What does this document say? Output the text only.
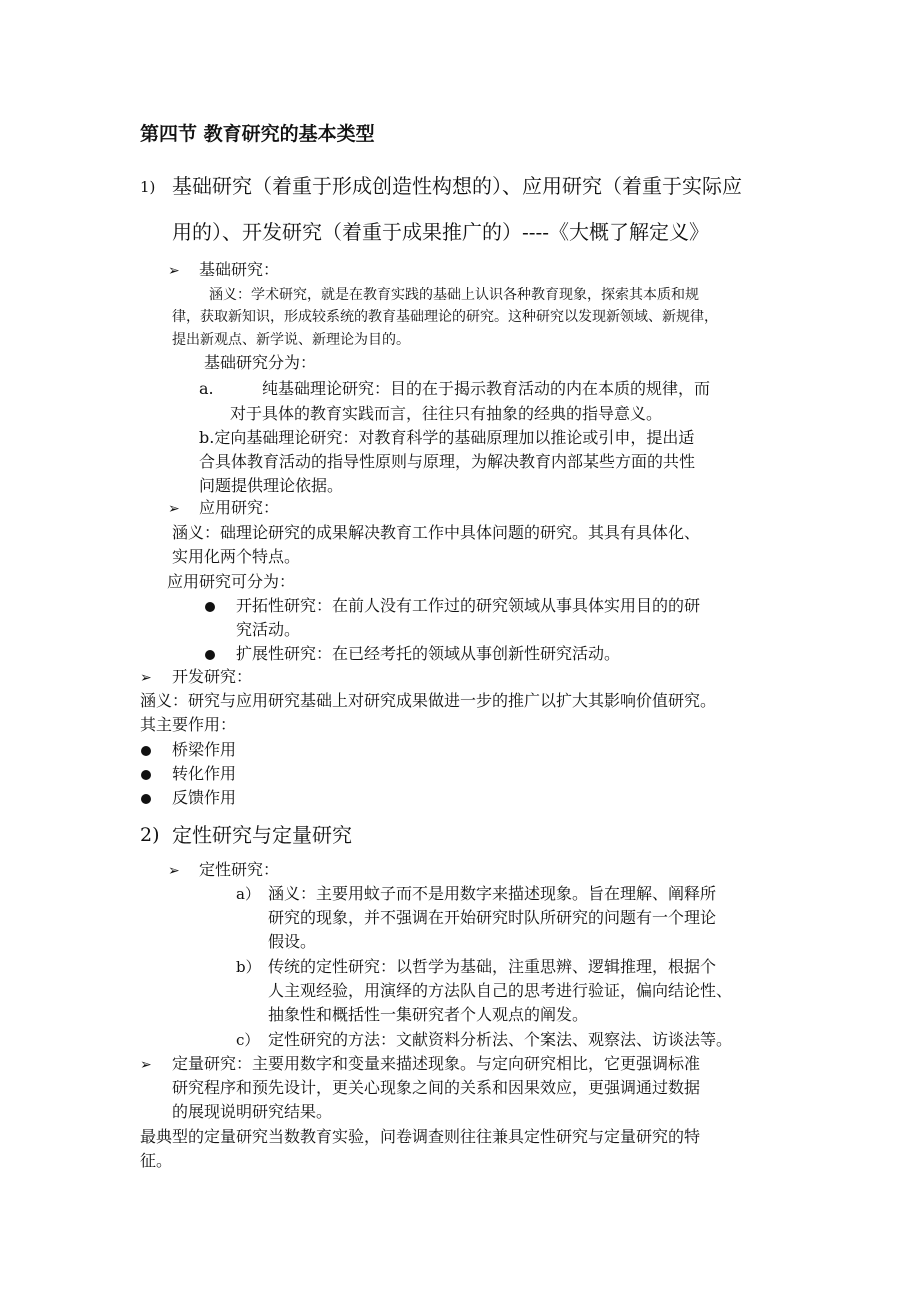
第四节 教育研究的基本类型
1) 基础研究（着重于形成创造性构想的）、应用研究（着重于实际应
用的）、开发研究（着重于成果推广的）----《大概了解定义》
➢ 基础研究：
涵义：学术研究，就是在教育实践的基础上认识各种教育现象，探索其本质和规
律，获取新知识，形成较系统的教育基础理论的研究。这种研究以发现新领域、新规律，
提出新观点、新学说、新理论为目的。
基础研究分为：
a.	纯基础理论研究：目的在于揭示教育活动的内在本质的规律，而
对于具体的教育实践而言，往往只有抽象的经典的指导意义。
b.定向基础理论研究：对教育科学的基础原理加以推论或引申，提出适
合具体教育活动的指导性原则与原理，为解决教育内部某些方面的共性
问题提供理论依据。
➢ 应用研究：
涵义：础理论研究的成果解决教育工作中具体问题的研究。其具有具体化、
实用化两个特点。
应用研究可分为：
开拓性研究：在前人没有工作过的研究领域从事具体实用目的的研
究活动。
扩展性研究：在已经考托的领域从事创新性研究活动。
➢ 开发研究：
涵义：研究与应用研究基础上对研究成果做进一步的推广以扩大其影响价值研究。
其主要作用：
桥梁作用
转化作用
反馈作用
2) 定性研究与定量研究
➢ 定性研究：
a） 涵义：主要用蚊子而不是用数字来描述现象。旨在理解、阐释所
研究的现象，并不强调在开始研究时队所研究的问题有一个理论
假设。
b） 传统的定性研究：以哲学为基础，注重思辨、逻辑推理，根据个
人主观经验，用演绎的方法队自己的思考进行验证，偏向结论性、
抽象性和概括性一集研究者个人观点的阐发。
c） 定性研究的方法：文献资料分析法、个案法、观察法、访谈法等。
➢ 定量研究：主要用数字和变量来描述现象。与定向研究相比，它更强调标准
研究程序和预先设计，更关心现象之间的关系和因果效应，更强调通过数据
的展现说明研究结果。
最典型的定量研究当数教育实验，问卷调查则往往兼具定性研究与定量研究的特
征。
